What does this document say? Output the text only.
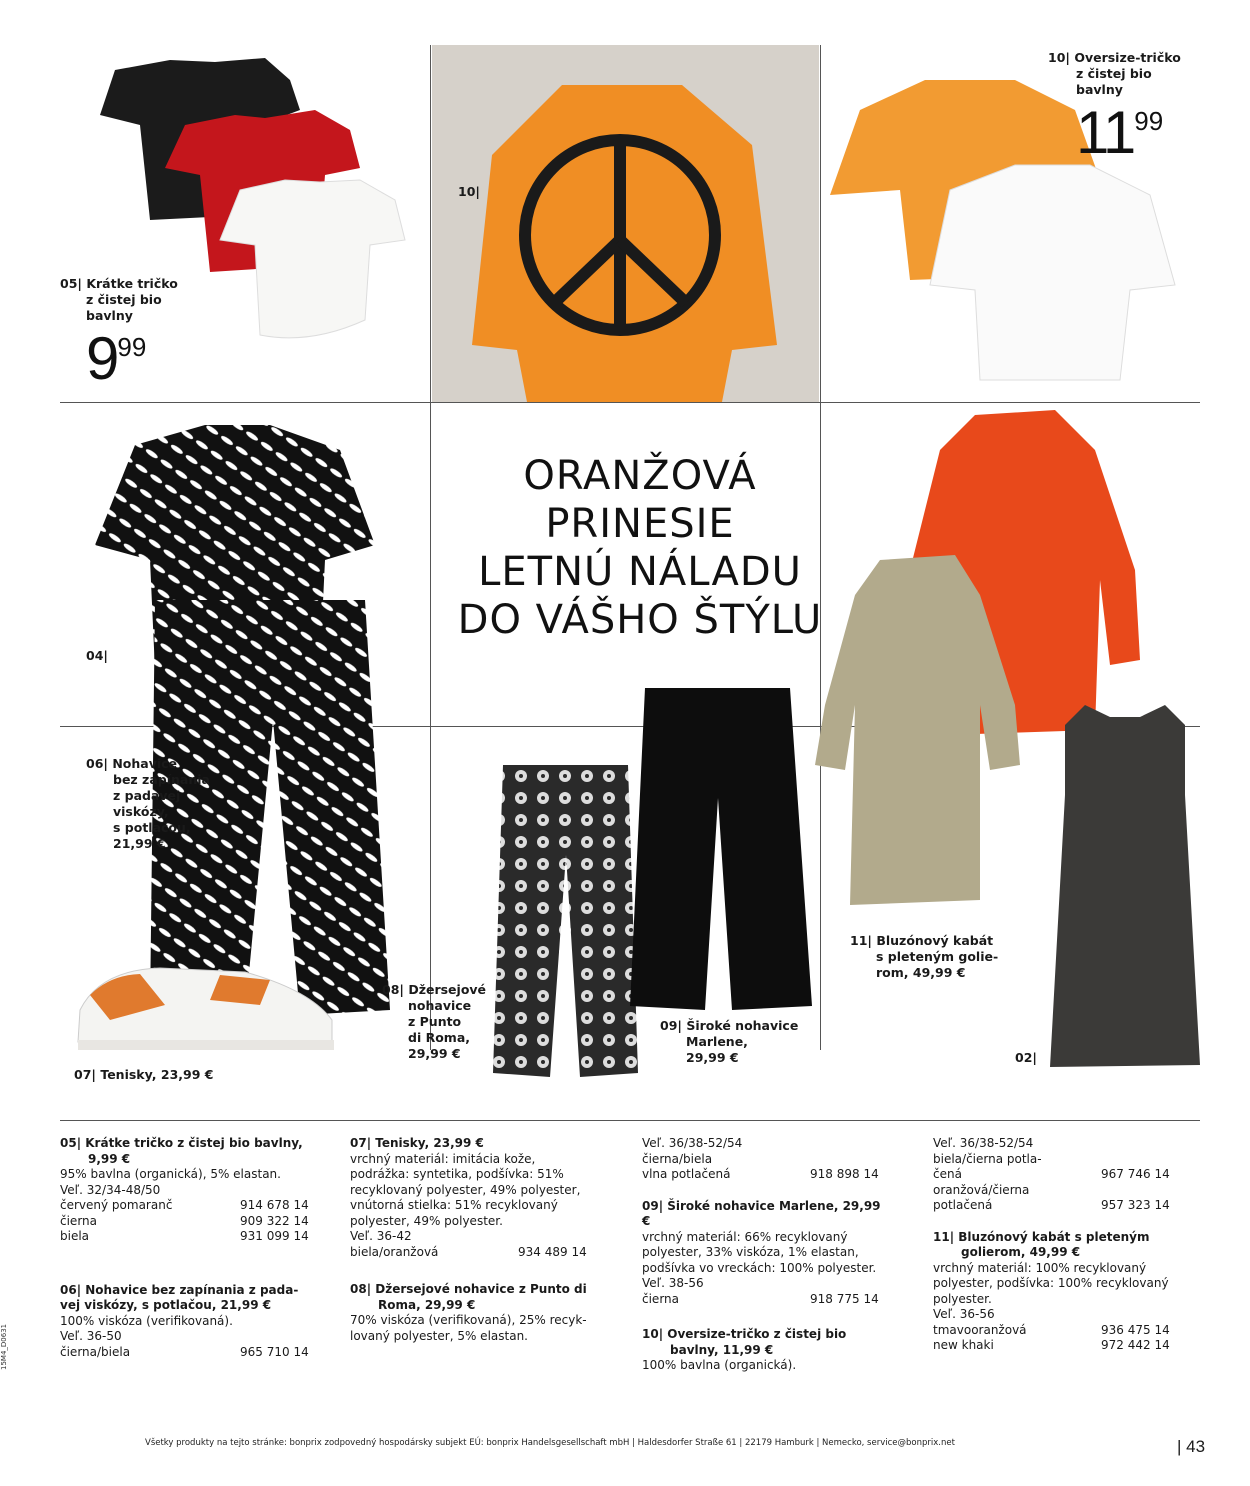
05| Krátke tričko
z čistej bio
bavlny
999
10|
10| Oversize-tričko
z čistej bio
bavlny
1199
ORANŽOVÁ
PRINESIE
LETNÚ NÁLADU
DO VÁŠHO ŠTÝLU
04|
06| Nohavice
bez zapínania
z padavej
viskózy,
s potlačou,
21,99 €
07| Tenisky, 23,99 €
08| Džersejové
nohavice
z Punto
di Roma,
29,99 €
09| Široké nohavice
Marlene,
29,99 €
11| Bluzónový kabát
s pleteným golie-
rom, 49,99 €
02|
05| Krátke tričko z čistej bio bavlny,
9,99 €
95% bavlna (organická), 5% elastan.
Veľ. 32/34-48/50
červený pomaranč	914 678 14
čierna	909 322 14
biela	931 099 14
06| Nohavice bez zapínania z pada-
vej viskózy, s potlačou, 21,99 €
100% viskóza (verifikovaná).
Veľ. 36-50
čierna/biela	965 710 14
07| Tenisky, 23,99 €
vrchný materiál: imitácia kože,
podrážka: syntetika, podšívka: 51%
recyklovaný polyester, 49% polyester,
vnútorná stielka: 51% recyklovaný
polyester, 49% polyester.
Veľ. 36-42
biela/oranžová	934 489 14
08| Džersejové nohavice z Punto di
Roma, 29,99 €
70% viskóza (verifikovaná), 25% recyk-
lovaný polyester, 5% elastan.
Veľ. 36/38-52/54
čierna/biela
vlna potlačená	918 898 14
09| Široké nohavice Marlene, 29,99 €
vrchný materiál: 66% recyklovaný
polyester, 33% viskóza, 1% elastan,
podšívka vo vreckách: 100% polyester.
Veľ. 38-56
čierna	918 775 14
10| Oversize-tričko z čistej bio
bavlny, 11,99 €
100% bavlna (organická).
Veľ. 36/38-52/54
biela/čierna potla-
čená	967 746 14
oranžová/čierna
potlačená	957 323 14
11| Bluzónový kabát s pleteným
golierom, 49,99 €
vrchný materiál: 100% recyklovaný
polyester, podšívka: 100% recyklovaný
polyester.
Veľ. 36-56
tmavooranžová	936 475 14
new khaki	972 442 14
Všetky produkty na tejto stránke: bonprix zodpovedný hospodársky subjekt EÚ: bonprix Handelsgesellschaft mbH | Haldesdorfer Straße 61 | 22179 Hamburk | Nemecko, service@bonprix.net	| 43
15M4_D0631
